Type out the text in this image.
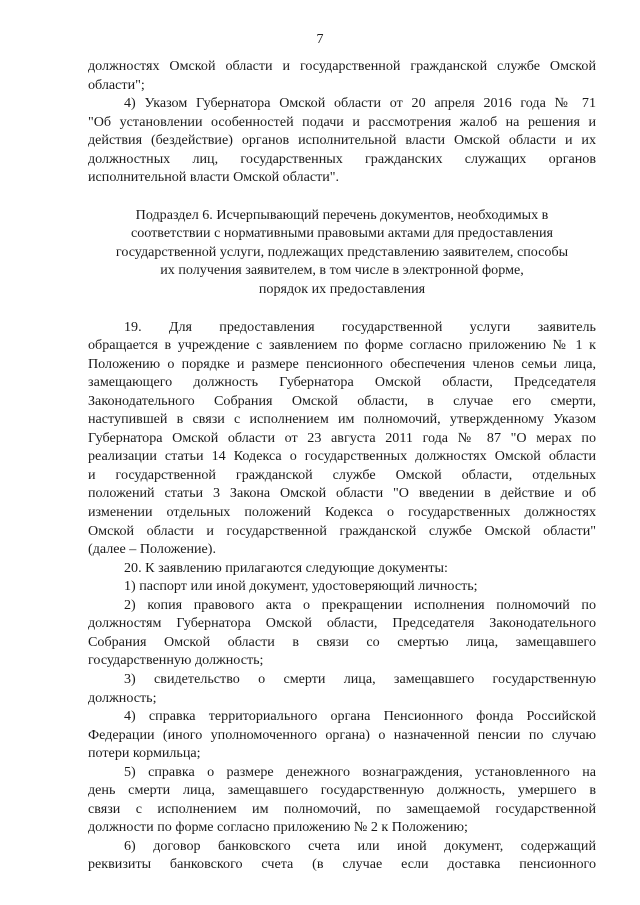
7
должностях Омской области и государственной гражданской службе Омской
области";
4) Указом Губернатора Омской области от 20 апреля 2016 года № 71
"Об установлении особенностей подачи и рассмотрения жалоб на решения и
действия (бездействие) органов исполнительной власти Омской области и их
должностных лиц, государственных гражданских служащих органов
исполнительной власти Омской области".
Подраздел 6. Исчерпывающий перечень документов, необходимых в
соответствии с нормативными правовыми актами для предоставления
государственной услуги, подлежащих представлению заявителем, способы
их получения заявителем, в том числе в электронной форме,
порядок их предоставления
19. Для предоставления государственной услуги заявитель
обращается в учреждение с заявлением по форме согласно приложению № 1 к
Положению о порядке и размере пенсионного обеспечения членов семьи лица,
замещающего должность Губернатора Омской области, Председателя
Законодательного Собрания Омской области, в случае его смерти,
наступившей в связи с исполнением им полномочий, утвержденному Указом
Губернатора Омской области от 23 августа 2011 года № 87 "О мерах по
реализации статьи 14 Кодекса о государственных должностях Омской области
и государственной гражданской службе Омской области, отдельных
положений статьи 3 Закона Омской области "О введении в действие и об
изменении отдельных положений Кодекса о государственных должностях
Омской области и государственной гражданской службе Омской области"
(далее – Положение).
20. К заявлению прилагаются следующие документы:
1) паспорт или иной документ, удостоверяющий личность;
2) копия правового акта о прекращении исполнения полномочий по
должностям Губернатора Омской области, Председателя Законодательного
Собрания Омской области в связи со смертью лица, замещавшего
государственную должность;
3) свидетельство о смерти лица, замещавшего государственную
должность;
4) справка территориального органа Пенсионного фонда Российской
Федерации (иного уполномоченного органа) о назначенной пенсии по случаю
потери кормильца;
5) справка о размере денежного вознаграждения, установленного на
день смерти лица, замещавшего государственную должность, умершего в
связи с исполнением им полномочий, по замещаемой государственной
должности по форме согласно приложению № 2 к Положению;
6) договор банковского счета или иной документ, содержащий
реквизиты банковского счета (в случае если доставка пенсионного
